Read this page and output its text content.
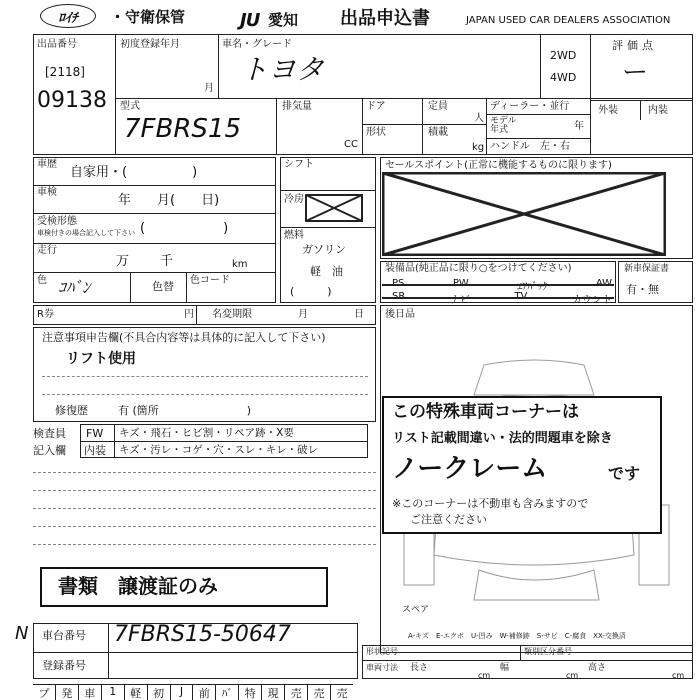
ﾛｲﾁ	・守衛保管	JU 愛知 出品申込書	JAPAN USED CAR DEALERS ASSOCIATION
出品番号
[2118]
09138
初度登録年月
月
車名・グレード
トヨタ	2WD
4WD
評価点
ー
外装	内装
型式
7FBRS15
排気量
CC
ドア	定員
人
形状	積載
kg
ディーラー・並行
モデル
年式	年
ハンドル　左・右
車歴
自家用・(　　　　　)
車検
年　　月(　　日)
受検形態
車検付きの場合記入して下さい (　　　　　　)
走行
万 千	km
色 ｺﾊﾞﾝ	色替 色コード
シフト
冷房
燃料
ガソリン
軽　油
(　　　)
セールスポイント(正常に機能するものに限ります)
装備品(純正品に限り○をつけてください)
PS	PW	ｴｱﾊﾞｯｸ	AW
SR	ナビ	TV	カウント
新車保証書
有・無
R券	円 名変期限	月	日 後日品
注意事項申告欄(不具合内容等は具体的に記入して下さい)
リフト使用
修復歴	有 (箇所　　　　　　　　)
検査員
記入欄
FW キズ・飛石・ヒビ割・リペア跡・X要
内装 キズ・汚レ・コゲ・穴・スレ・キレ・破レ
この特殊車両コーナーは
リスト記載間違い・法的問題車を除き
ノークレーム	です
※このコーナーは不動車も含みますので
ご注意ください
書類　譲渡証のみ
スペア
A-キズ　E-エクボ　U-凹み　W-補修跡　S-サビ　C-腐食　XX-交換済
N 車台番号 7FBRS15-50647
登録番号
形状記号	類別区分番号
車両寸法 長さ	幅	高さ
cm	cm	cm
プ	発	車	1	軽	初	J	前	ﾊﾞ	特	現	売	売	売
